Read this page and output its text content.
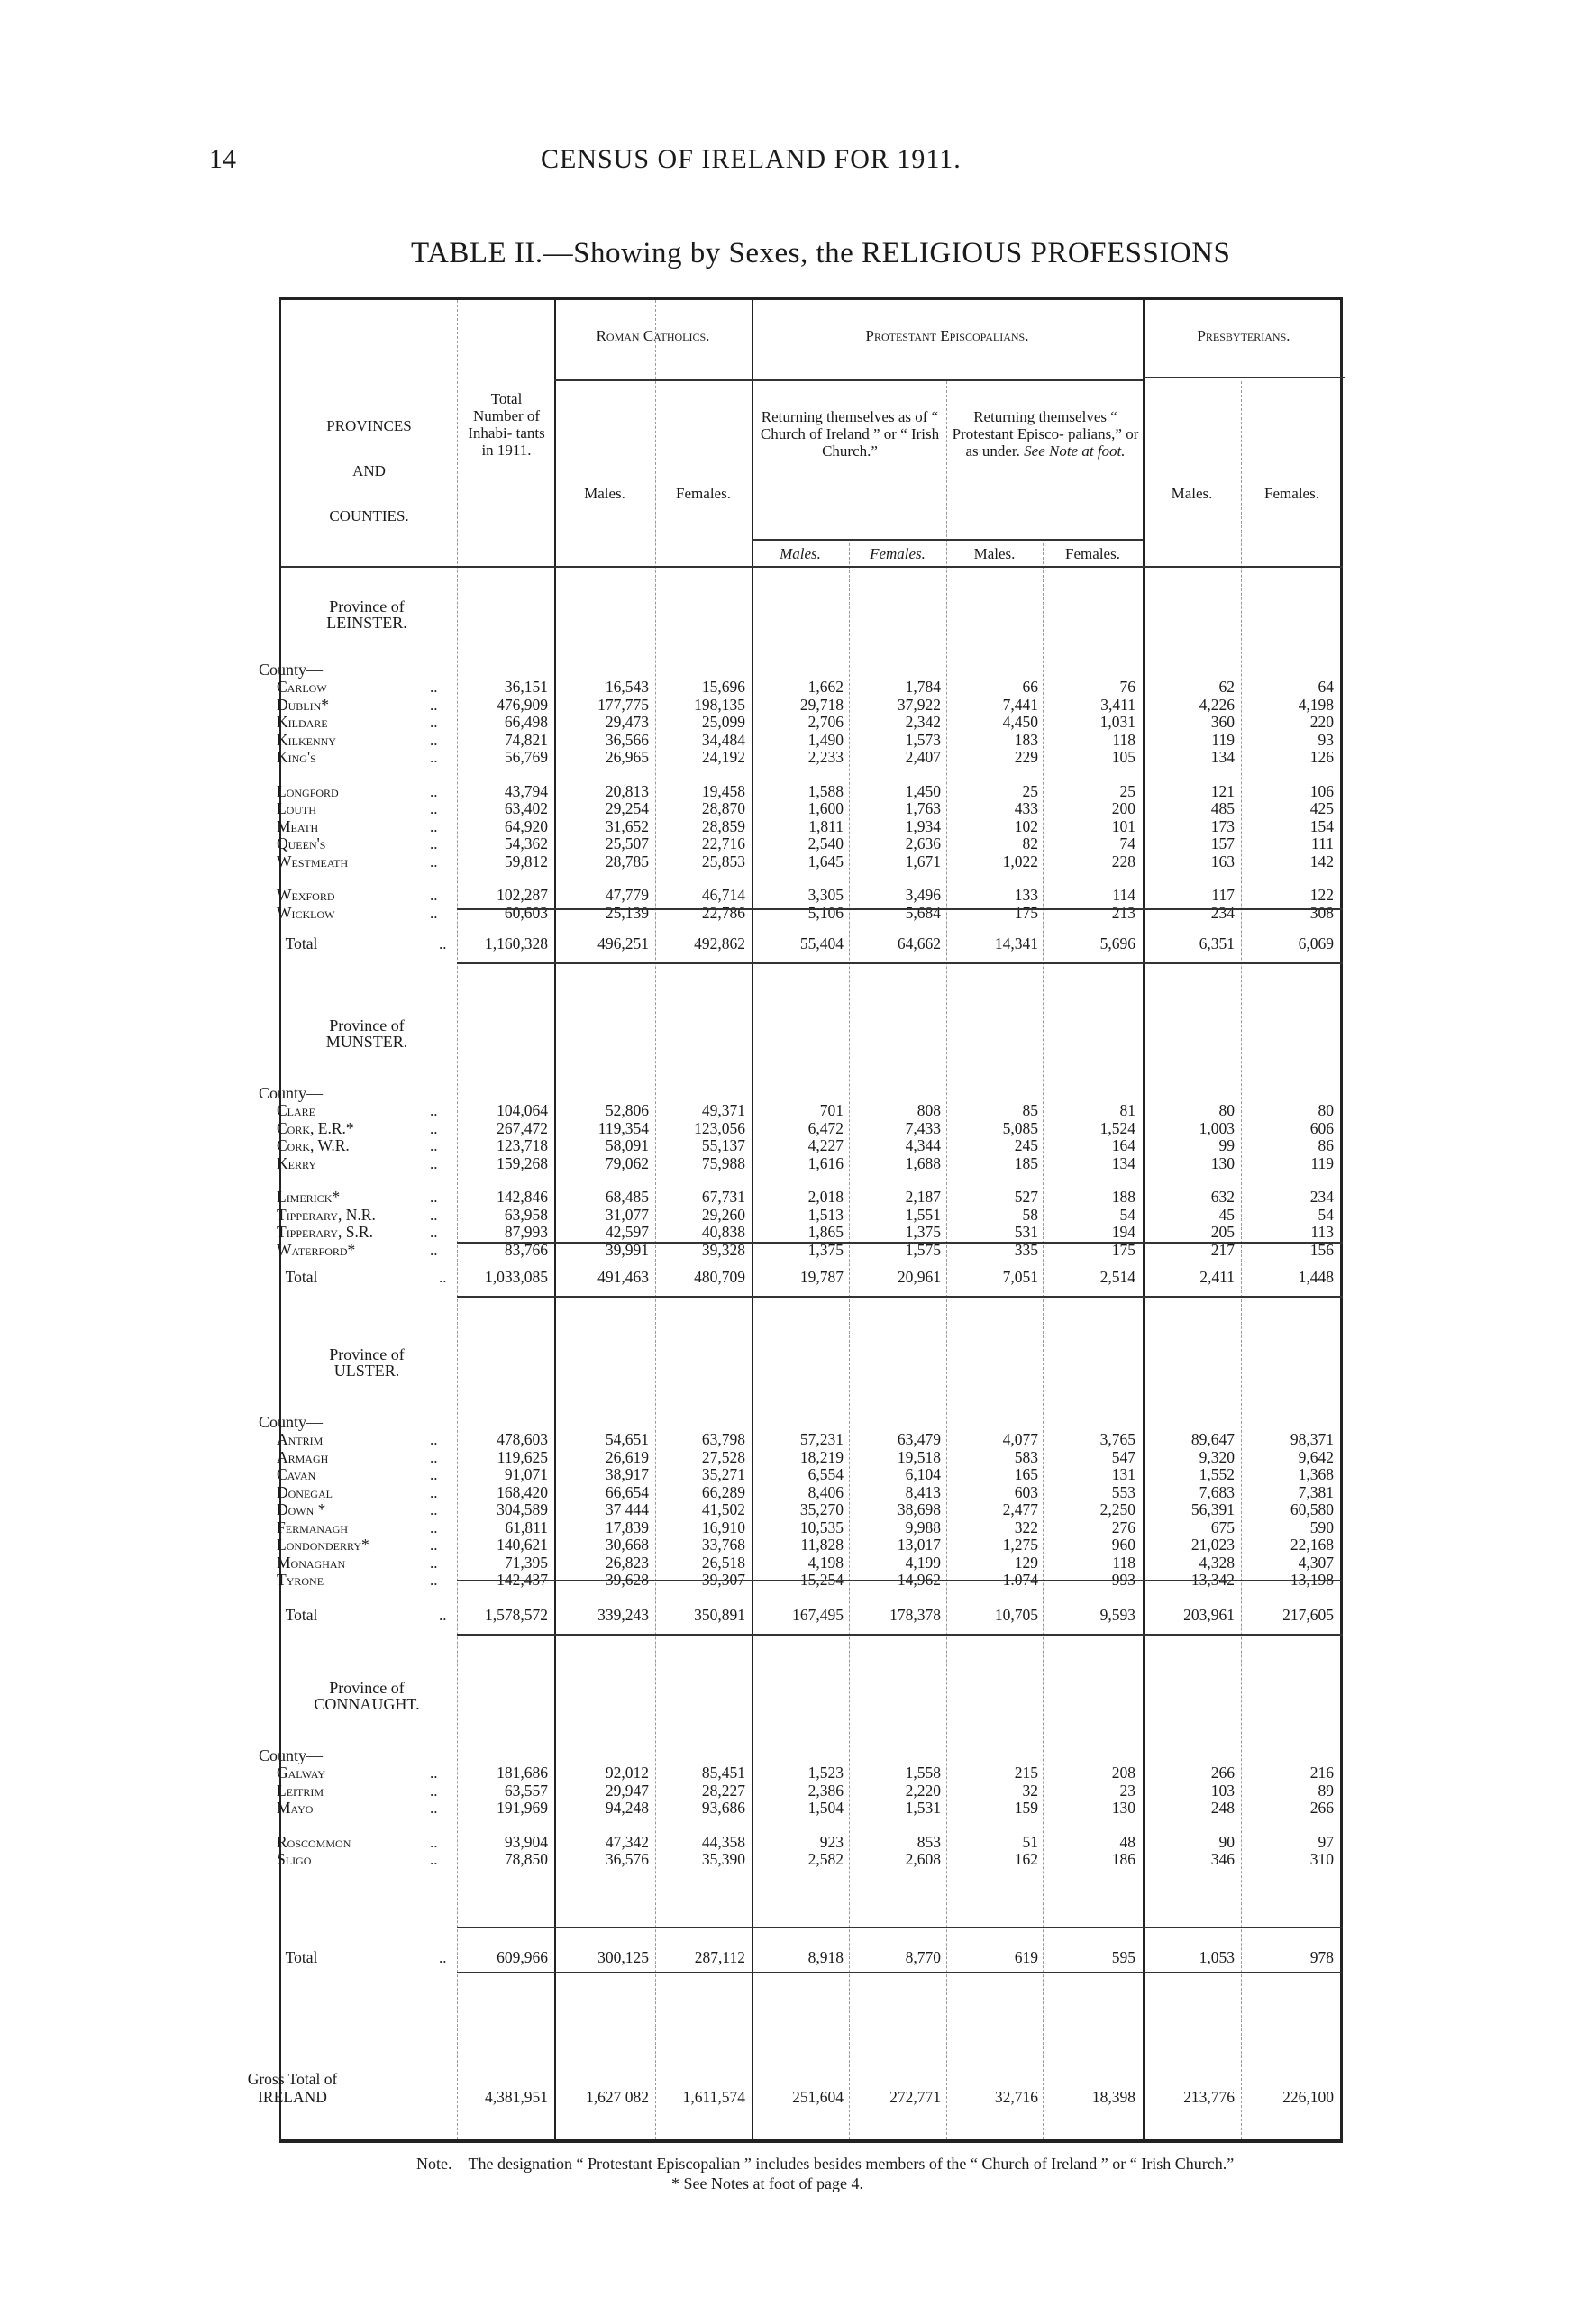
14	CENSUS OF IRELAND FOR 1911.
TABLE II.—Showing by Sexes, the RELIGIOUS PROFESSIONS
PROVINCES
AND
COUNTIES.
Total Number of Inhabi- tants in 1911.
Roman Catholics.	Protestant Episcopalians.	Presbyterians.
Males.	Females.
Returning themselves as of “ Church of Ireland ” or “ Irish Church.”
Returning themselves “ Protestant Episco- palians,” or as under. See Note at foot.
Males.	Females.	Males.	Females.
Males.	Females.
Province of
LEINSTER.
County—
Carlow	..	36,151	16,543	15,696	1,662	1,784	66	76	62	64
Dublin*	..	476,909	177,775	198,135	29,718	37,922	7,441	3,411	4,226	4,198
Kildare	..	66,498	29,473	25,099	2,706	2,342	4,450	1,031	360	220
Kilkenny	..	74,821	36,566	34,484	1,490	1,573	183	118	119	93
King's	..	56,769	26,965	24,192	2,233	2,407	229	105	134	126
Longford	..	43,794	20,813	19,458	1,588	1,450	25	25	121	106
Louth	..	63,402	29,254	28,870	1,600	1,763	433	200	485	425
Meath	..	64,920	31,652	28,859	1,811	1,934	102	101	173	154
Queen's	..	54,362	25,507	22,716	2,540	2,636	82	74	157	111
Westmeath	..	59,812	28,785	25,853	1,645	1,671	1,022	228	163	142
Wexford	..	102,287	47,779	46,714	3,305	3,496	133	114	117	122
Wicklow	..	60,603	25,139	22,786	5,106	5,684	175	213	234	308
Total	..	1,160,328	496,251	492,862	55,404	64,662	14,341	5,696	6,351	6,069
Province of
MUNSTER.
County—
Clare	..	104,064	52,806	49,371	701	808	85	81	80	80
Cork, E.R.*	..	267,472	119,354	123,056	6,472	7,433	5,085	1,524	1,003	606
Cork, W.R.	..	123,718	58,091	55,137	4,227	4,344	245	164	99	86
Kerry	..	159,268	79,062	75,988	1,616	1,688	185	134	130	119
Limerick*	..	142,846	68,485	67,731	2,018	2,187	527	188	632	234
Tipperary, N.R.	..	63,958	31,077	29,260	1,513	1,551	58	54	45	54
Tipperary, S.R.	..	87,993	42,597	40,838	1,865	1,375	531	194	205	113
Waterford*	..	83,766	39,991	39,328	1,375	1,575	335	175	217	156
Total	..	1,033,085	491,463	480,709	19,787	20,961	7,051	2,514	2,411	1,448
Province of
ULSTER.
County—
Antrim	..	478,603	54,651	63,798	57,231	63,479	4,077	3,765	89,647	98,371
Armagh	..	119,625	26,619	27,528	18,219	19,518	583	547	9,320	9,642
Cavan	..	91,071	38,917	35,271	6,554	6,104	165	131	1,552	1,368
Donegal	..	168,420	66,654	66,289	8,406	8,413	603	553	7,683	7,381
Down *	..	304,589	37 444	41,502	35,270	38,698	2,477	2,250	56,391	60,580
Fermanagh	..	61,811	17,839	16,910	10,535	9,988	322	276	675	590
Londonderry*	..	140,621	30,668	33,768	11,828	13,017	1,275	960	21,023	22,168
Monaghan	..	71,395	26,823	26,518	4,198	4,199	129	118	4,328	4,307
Tyrone	..	142,437	39,628	39,307	15,254	14,962	1.074	993	13,342	13,198
Total	..	1,578,572	339,243	350,891	167,495	178,378	10,705	9,593	203,961	217,605
Province of
CONNAUGHT.
County—
Galway	..	181,686	92,012	85,451	1,523	1,558	215	208	266	216
Leitrim	..	63,557	29,947	28,227	2,386	2,220	32	23	103	89
Mayo	..	191,969	94,248	93,686	1,504	1,531	159	130	248	266
Roscommon	..	93,904	47,342	44,358	923	853	51	48	90	97
Sligo	..	78,850	36,576	35,390	2,582	2,608	162	186	346	310
Total	..	609,966	300,125	287,112	8,918	8,770	619	595	1,053	978
Gross Total of
IRELAND	4,381,951	1,627 082	1,611,574	251,604	272,771	32,716	18,398	213,776	226,100
Note.—The designation “ Protestant Episcopalian ” includes besides members of the “ Church of Ireland ” or “ Irish Church.”
* See Notes at foot of page 4.
